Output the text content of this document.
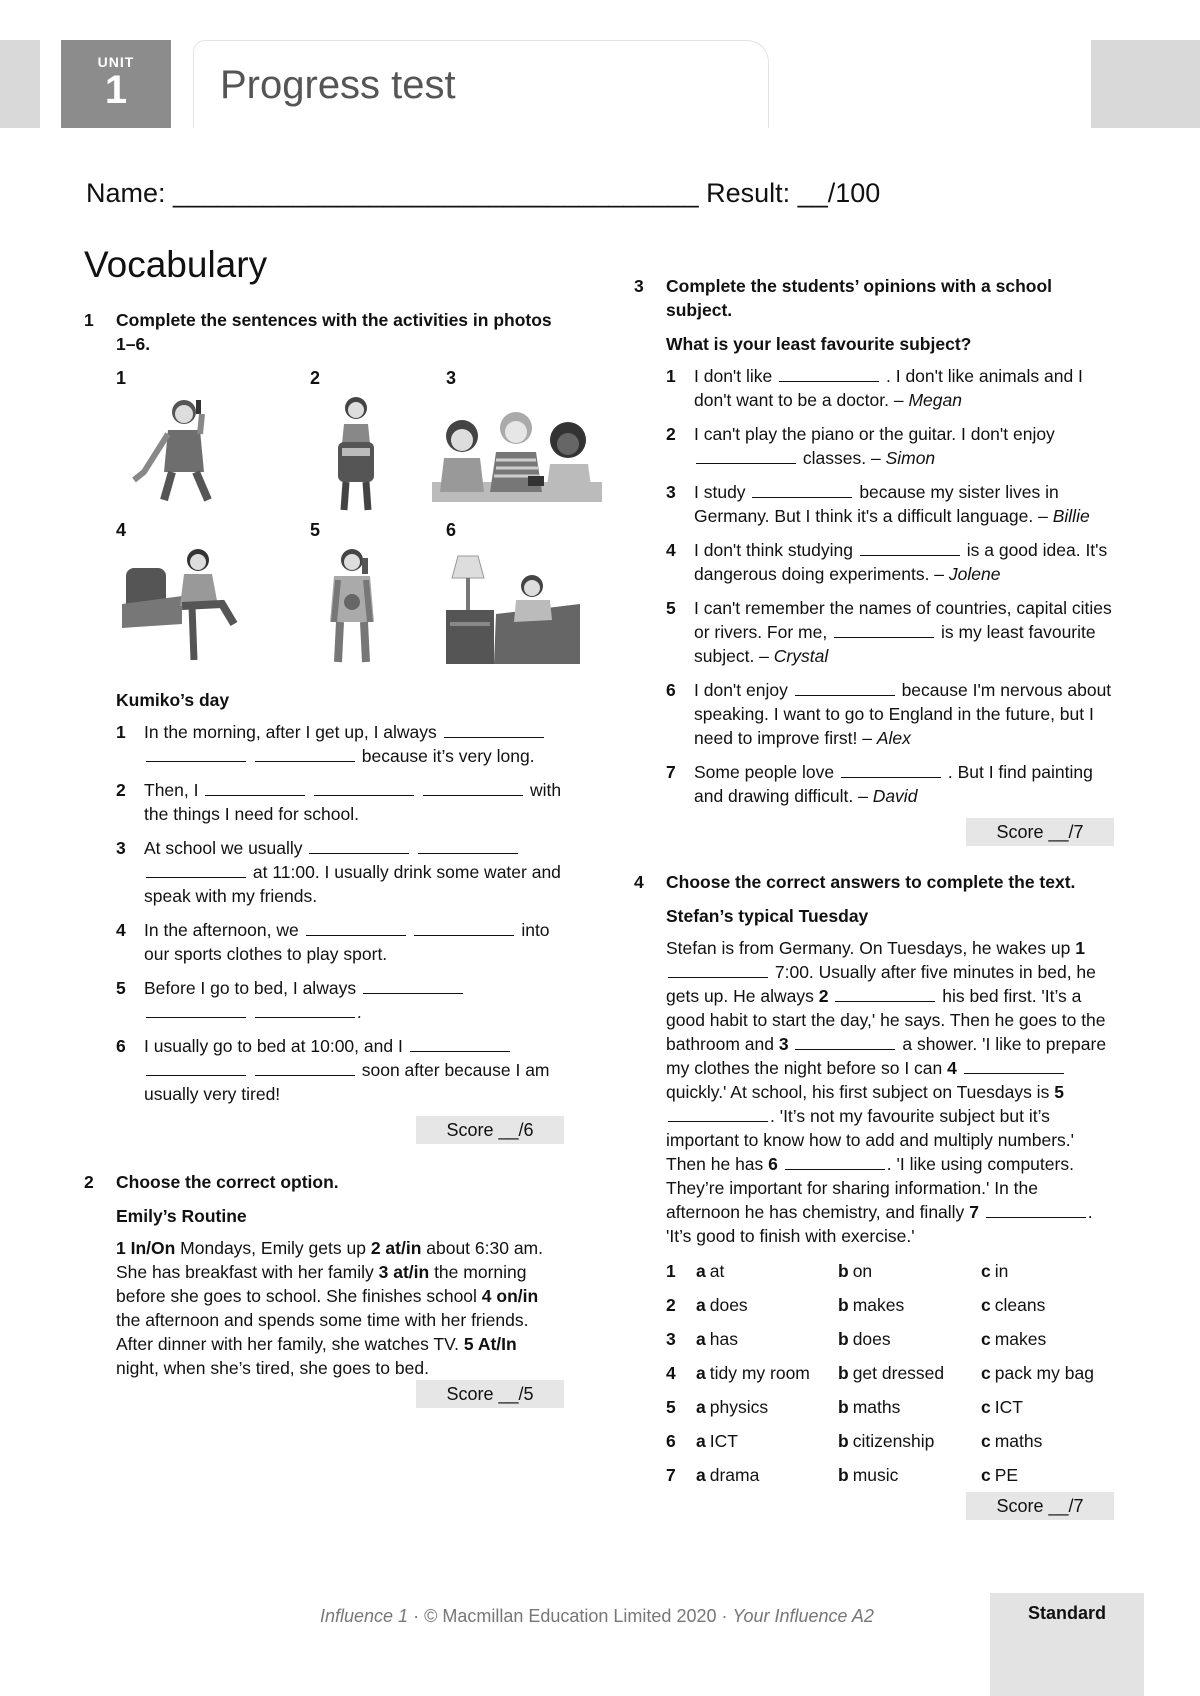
UNIT
1	Progress test
Name: ___________________________________ Result: __/100
Vocabulary
1	Complete the sentences with the activities in photos 1–6.
1	2	3
4	5	6
Kumiko’s day
1	In the morning, after I get up, I always    because it’s very long.
2	Then, I	with the things I need for school.
3	At school we usually    at 11:00. I usually drink some water and speak with my friends.
4	In the afternoon, we	into our sports clothes to play sport.
5	Before I go to bed, I always   .
6	I usually go to bed at 10:00, and I    soon after because I am usually very tired!
Score __/6
2	Choose the correct option.
Emily’s Routine
1 In/On Mondays, Emily gets up 2 at/in about 6:30 am. She has breakfast with her family 3 at/in the morning before she goes to school. She finishes school 4 on/in the afternoon and spends some time with her friends. After dinner with her family, she watches TV. 5 At/In night, when she’s tired, she goes to bed.
Score __/5
3	Complete the students’ opinions with a school subject.
What is your least favourite subject?
1	I don't like	. I don't like animals and I don't want to be a doctor. – Megan
2	I can't play the piano or the guitar. I don't enjoy  classes. – Simon
3	I study	because my sister lives in Germany. But I think it's a difficult language. – Billie
4	I don't think studying	is a good idea. It's dangerous doing experiments. – Jolene
5	I can't remember the names of countries, capital cities or rivers. For me,	is my least favourite subject. – Crystal
6	I don't enjoy	because I'm nervous about speaking. I want to go to England in the future, but I need to improve first! – Alex
7	Some people love	. But I find painting and drawing difficult. – David
Score __/7
4	Choose the correct answers to complete the text.
Stefan’s typical Tuesday
Stefan is from Germany. On Tuesdays, he wakes up 1  7:00. Usually after five minutes in bed, he gets up. He always 2	his bed first. 'It’s a good habit to start the day,' he says. Then he goes to the bathroom and 3	a shower. 'I like to prepare my clothes the night before so I can 4  quickly.' At school, his first subject on Tuesdays is 5 . 'It’s not my favourite subject but it’s important to know how to add and multiply numbers.' Then he has 6	. 'I like using computers. They’re important for sharing information.' In the afternoon he has chemistry, and finally 7	. 'It’s good to finish with exercise.'
1	a at	b on	c in
2	a does	b makes	c cleans
3	a has	b does	c makes
4	a tidy my room	b get dressed	c pack my bag
5	a physics	b maths	c ICT
6	a ICT	b citizenship	c maths
7	a drama	b music	c PE
Score __/7
Influence 1 · © Macmillan Education Limited 2020 · Your Influence A2	Standard
